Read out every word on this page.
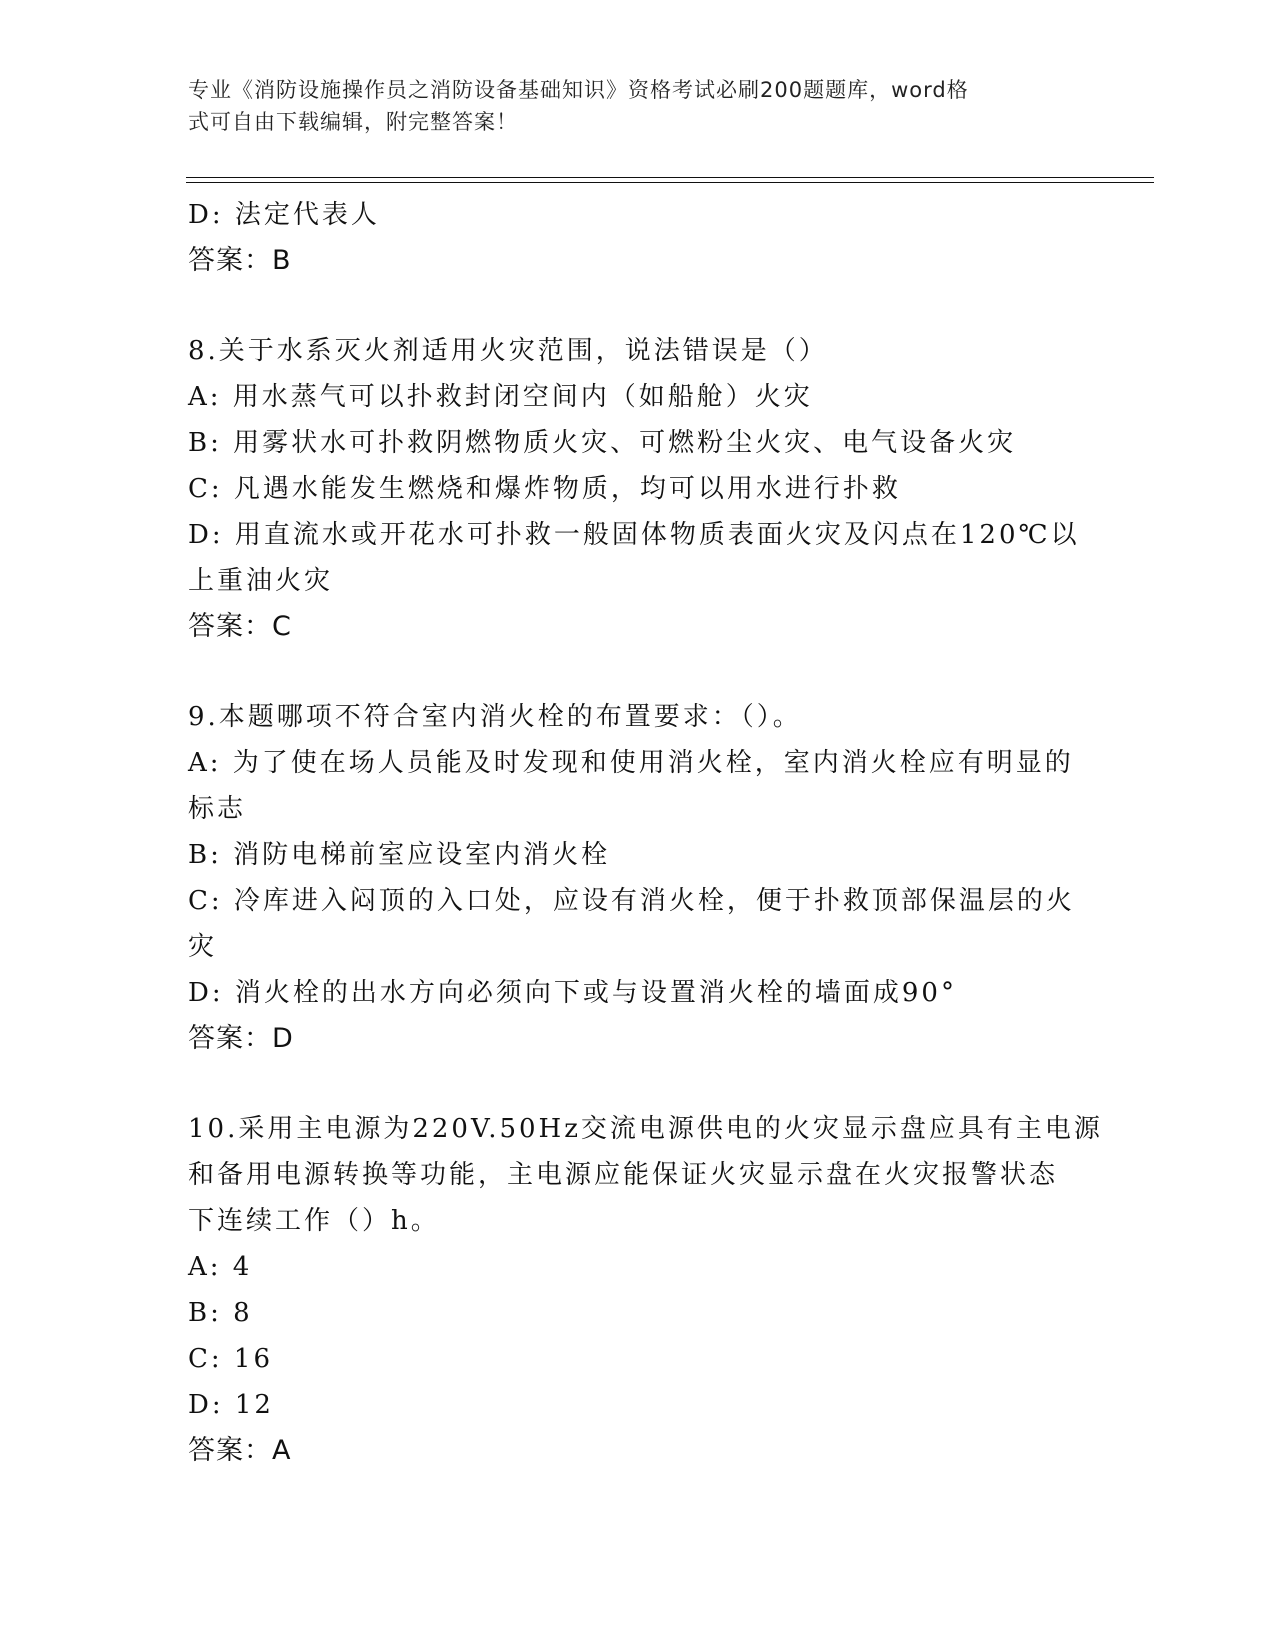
专业《消防设施操作员之消防设备基础知识》资格考试必刷200题题库，word格
式可自由下载编辑，附完整答案！

D: 法定代表人

答案：B

8.关于水系灭火剂适用火灾范围，说法错误是（）

A: 用水蒸气可以扑救封闭空间内（如船舱）火灾

B: 用雾状水可扑救阴燃物质火灾、可燃粉尘火灾、电气设备火灾

C: 凡遇水能发生燃烧和爆炸物质，均可以用水进行扑救

D: 用直流水或开花水可扑救一般固体物质表面火灾及闪点在120℃以

上重油火灾

答案：C

9.本题哪项不符合室内消火栓的布置要求：（）。

A: 为了使在场人员能及时发现和使用消火栓，室内消火栓应有明显的

标志

B: 消防电梯前室应设室内消火栓

C: 冷库进入闷顶的入口处，应设有消火栓，便于扑救顶部保温层的火

灾

D: 消火栓的出水方向必须向下或与设置消火栓的墙面成90°

答案：D

10.采用主电源为220V.50Hz交流电源供电的火灾显示盘应具有主电源

和备用电源转换等功能，主电源应能保证火灾显示盘在火灾报警状态

下连续工作（）h。

A: 4

B: 8

C: 16

D: 12

答案：A
